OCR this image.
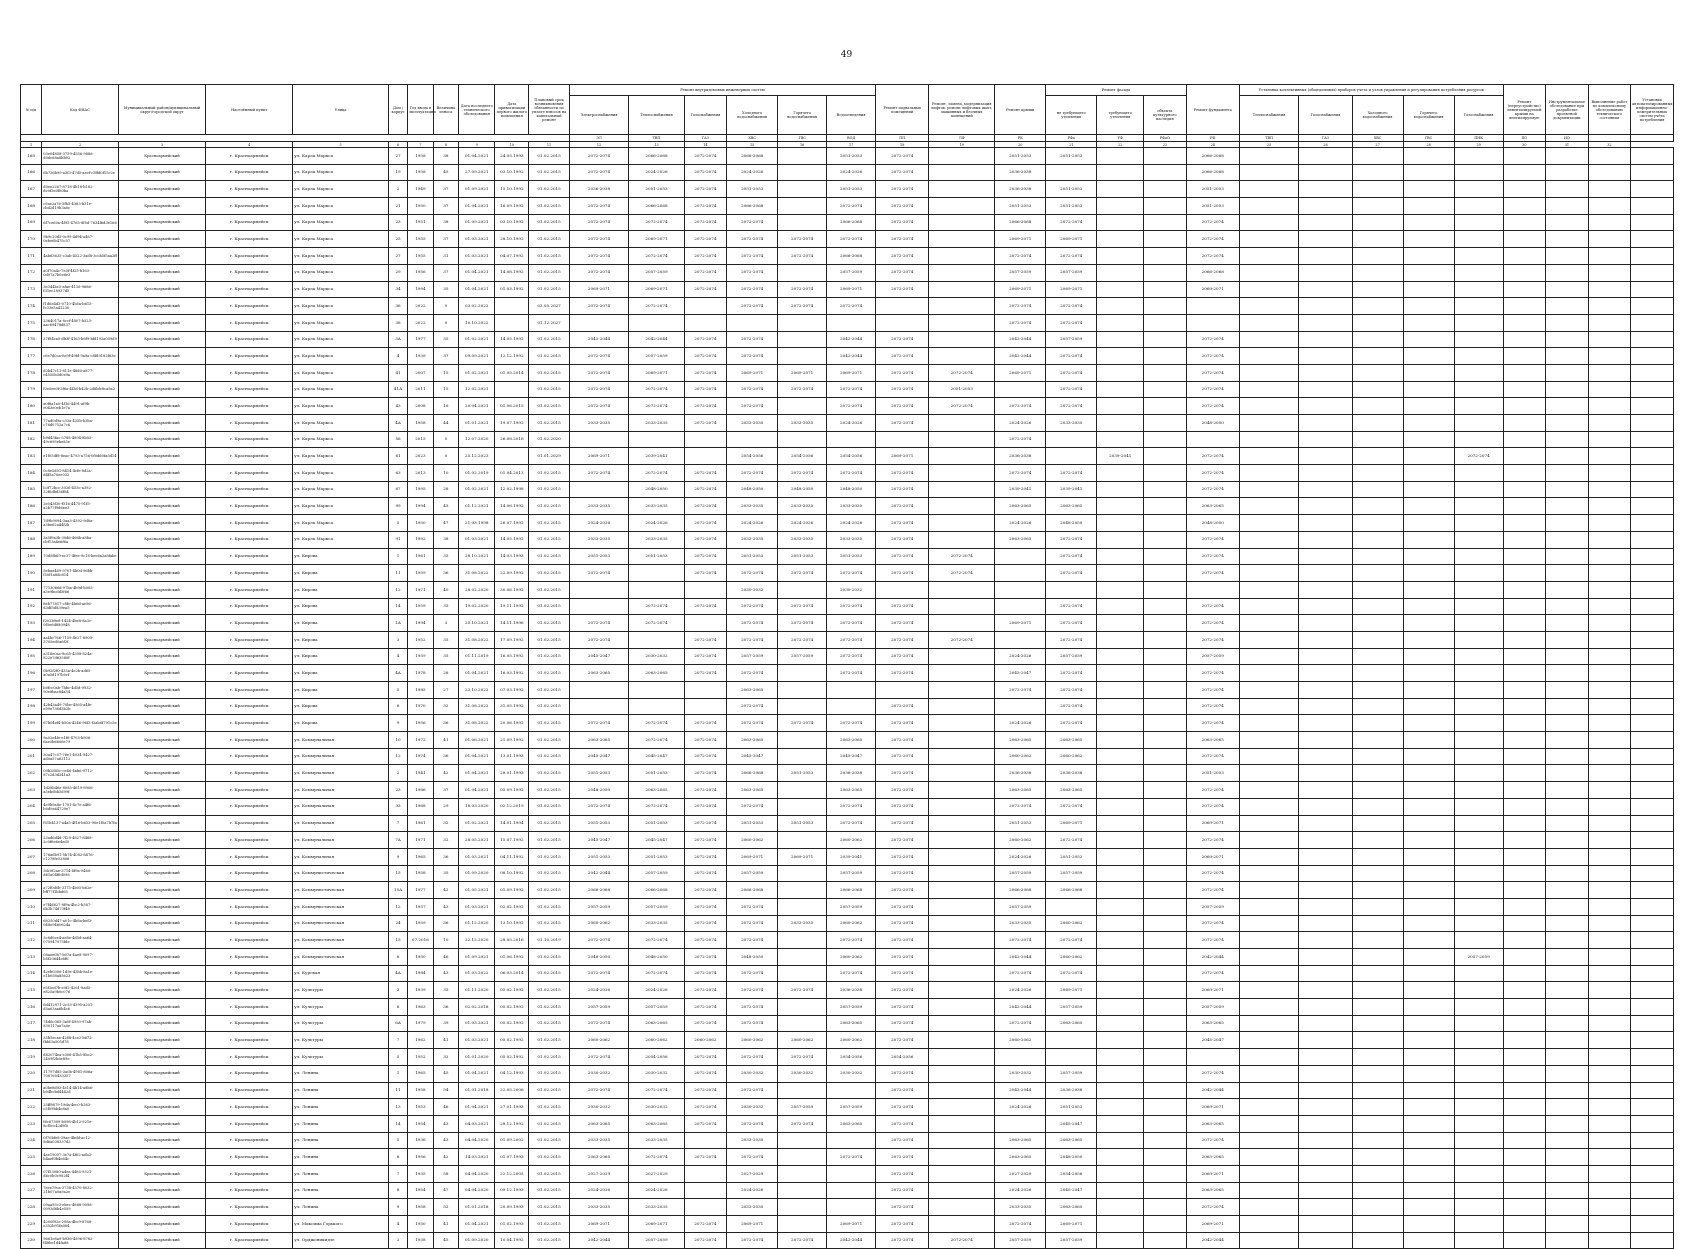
49
№ п/п	Код ФИАС	Муниципальный район/муниципальный округ/городской округ	Населённый пункт	Улица	Дом / корпус	Год ввода в эксплуатацию	Величина износа	Дата последнего технического обследования	Дата приватизации первого жилого помещения	Плановый срок возникновения обязанности по уплате взносов на капитальный ремонт	Ремонт внутридомовых инженерных систем						Ремонт подвальных помещений	Ремонт, замена, модернизация лифтов, ремонт лифтовых шахт, машинных и блочных помещений	Ремонт крыши	Ремонт фасада			Ремонт фундамента	Установка коллективных (общедомовых) приборов учета и узлов управления и регулирования потребления ресурсов					Ремонт (переустройство) невентилируемой крыши на вентилируемую	Инструментальное обследование при разработке проектной документации	Выполнение работ по комплексному обследованию технического состояния	Установка автоматизированных информационно-измерительных систем учёта потребления
											Электроснабжения	Теплоснабжения	Газоснабжения	Холодного водоснабжения	Горячего водоснабжения	Водоотведения				не требующего утепления	требующего утепления	объекта культурного наследия		Теплоснабжения	Газоснабжения	Холодного водоснабжения	Горячего водоснабжения	Газоснабжения				
											ЭЛ	ТВП	ГАЗ	ХВС	ГВС	ВОД	ПП	ЛФ	РК	РФа	УФ	РФаО	РФ	ТВП	ГАЗ	ХВС	ГВС	ПНК	ПО	ИО		
1	2	3	4	5	6	7	8	9	10	11	12	13	14	15	16	17	18	19	20	21	22	23	24	25	26	27	28	29	30	31	32	
165	03e04858-3759-4556-9886-d0dc68a8bb02	Красноармейский	г. Красноармейск	ул. Карла Маркса	27	1958	38	01.04.2021	24.05.1993	01.02.2015	2072-2074	2066-2068	2072-2074	2066-2068		2051-2053	2072-2074		2051-2053	2051-2053			2066-2068									
166	6b736b99-a3f3-47d5-aecf-c5ffd0f15c2e	Красноармейский	г. Красноармейск	ул. Карла Маркса	19	1958	45	27.09.2021	03.10.1992	01.02.2015	2072-2074	2024-2026	2072-2074	2024-2026		2024-2026	2072-2074		2036-2038				2066-2068									
167	d0ee2267-8718-4b18-b182-dc0f3e0f80ba	Красноармейский	г. Красноармейск	ул. Карла Маркса	2	1949	37	01.09.2021	15.10.1992	01.02.2015	2036-2038	2051-2053	2072-2074	2051-2053		2051-2053	2072-2074		2036-2038	2051-2053			2051-2053									
168	c9ae2a76-5fb5-4383-b31e-cbd2d19b3a0c	Красноармейский	г. Красноармейск	ул. Карла Маркса	21	1950	37	01.04.2021	16.09.1992	01.02.2015	2072-2074	2066-2068	2072-2074	2066-2068		2072-2074	2072-2074		2051-2053	2051-2053			2051-2053									
169	6f7ce60a-4f95-4765-8f5d-7634f6d3e166	Красноармейский	г. Красноармейск	ул. Карла Маркса	23	1951	38	01.09.2021	03.10.1992	01.02.2015	2072-2074	2072-2074	2072-2074	2072-2074		2066-2068	2072-2074		2066-2068	2072-2074			2072-2074									
170	9b9c20d5-0c99-4d94-a487-0ebe6b475c57	Красноармейский	г. Красноармейск	ул. Карла Маркса	25	1955	37	01.03.2021	28.10.1992	01.02.2015	2072-2074	2069-2071	2072-2074	2072-2074	2072-2074	2072-2074	2072-2074		2069-2071	2069-2071			2072-2074									
171	4ab63635-c3ab-4522-3ad8-3ccb5f5aa2ff	Красноармейский	г. Красноармейск	ул. Карла Маркса	27	1955	31	01.03.2021	04.07.1992	01.02.2015	2072-2074	2072-2074	2072-2074	2072-2074	2072-2074	2066-2068	2072-2074		2072-2074	2072-2074			2072-2074									
172	a0f70a4c-7e3f-4f25-b163-0d07a7b0e6e3	Красноармейский	г. Красноармейск	ул. Карла Маркса	29	1956	37	01.04.2021	14.08.1992	01.02.2015	2072-2074	2057-2059	2072-2074	2072-2074		2057-2059	2072-2074		2057-2059	2057-2059			2066-2068									
173	3e344bc5-afae-4116-9686-f31ec28937d5	Красноармейский	г. Красноармейск	ул. Карла Маркса	34	1994	35	01.04.2021	01.03.1992	01.02.2015	2069-2071	2069-2071	2072-2074	2072-2074	2072-2074	2069-2071	2072-2074		2069-2071	2069-2071			2069-2071									
174	f1d6e4d3-0710-4b5a-b615-fc33e5a41230	Красноармейский	г. Красноармейск	ул. Карла Маркса	36	2022	0	03.02.2022		03.05.2027	2072-2074	2072-2074		2072-2074	2072-2074	2072-2074			2072-2074	2072-2074												
175	2364017a-8ccf-4807-b523-aac69478d837	Красноармейский	г. Красноармейск	ул. Карла Маркса	38	2022	0	10.10.2022		01.12.2027									2072-2074	2072-2074												
176	37f84ca5-db3f-4163-b6f9-bfd193a059d9	Красноармейский	г. Красноармейск	ул. Карла Маркса	3А	1977	35	01.02.2021	14.05.1992	01.02.2015	2042-2044	2042-2044	2072-2074	2072-2074		2042-2044	2072-2074		2042-2044	2057-2059			2072-2074									
177	c6e7d0ca-0e9f-49fd-9a9a-c8fd9182f63e	Красноармейский	г. Красноармейск	ул. Карла Маркса	4	1939	37	09.09.2021	12.12.1992	01.02.2015	2072-2074	2057-2059	2072-2074	2072-2074		2042-2044	2072-2074		2042-2044	2072-2074			2072-2074									
178	d2b47c11-811e-48d0-a877-c4550b5d0e9a	Красноармейский	г. Красноармейск	ул. Карла Маркса	41	2007	15	01.02.2021	01.05.2014	01.02.2015	2072-2074	2069-2071	2072-2074	2069-2071	2069-2071	2069-2071	2072-2074	2072-2074	2069-2071	2072-2074			2072-2074									
179	f2e0ee0f-2f6a-4f3d-b42b-2d8bfc8ca9a2	Красноармейский	г. Красноармейск	ул. Карла Маркса	41А	2011	15	12.02.2021		01.02.2015	2072-2074	2072-2074	2072-2074	2072-2074	2072-2074	2072-2074	2072-2074	2051-2053		2072-2074			2072-2074									
180	a0f6a1a0-4f16-4491-af9b-e043e0eb1e7a	Красноармейский	г. Красноармейск	ул. Карла Маркса	43	2008	16	20.04.2021	01.06.2015	01.02.2015	2072-2074	2072-2074	2072-2074	2072-2074		2072-2074	2072-2074	2072-2074	2072-2074	2072-2074			2072-2074									
181	77ad0d9a-c33a-435b-b3ba-c76d0752a7c6	Красноармейский	г. Красноармейск	ул. Карла Маркса	4А	1958	44	01.01.2021	19.07.1992	01.02.2015	2033-2035	2033-2035	2072-2074	2033-2035	2033-2035	2024-2026	2072-2074		2024-2026	2033-2035			2048-2050									
182	b9d45fac-5788-4894-8b05-49c695ebe85e	Красноармейский	г. Красноармейск	ул. Карла Маркса	56	2015	5	12.07.2020	26.08.2016	01.02.2020									2072-2074													
183	e1f05df8-8eac-4793-a756-0f0dd0fa5d14	Красноармейский	г. Красноармейск	ул. Карла Маркса	61	2023	0	25.12.2023		01.01.2029	2069-2071	2039-2041		2054-2056	2054-2056	2054-2056	2069-2071		2036-2038		2039-2041		2072-2074					2072-2074				
184	0c8e5d01-8414-4cfe-8d2a-d4f5a70ee032	Красноармейский	г. Красноармейск	ул. Карла Маркса	63	2013	10	01.02.2019	01.04.2013	01.02.2015	2072-2074	2072-2074	2072-2074	2072-2074	2072-2074	2072-2074	2072-2074		2072-2074	2072-2074			2072-2074									
185	b3f72bcc-3026-455c-a392-22f6dbd36f84	Красноармейский	г. Красноармейск	ул. Карла Маркса	67	1995	28	01.02.2021	12.02.1998	01.02.2015		2048-2050	2072-2074	2048-2050	2048-2050	2048-2050	2072-2074		2039-2041	2039-2041			2072-2074									
186	2e043f30-f516-4475-91f5-a2b77f9d6ee3	Красноармейский	г. Красноармейск	ул. Карла Маркса	99	1994	45	01.12.2021	14.06.1992	01.02.2015	2033-2035	2033-2035	2072-2074	2033-2035	2033-2035	2033-2035	2072-2074		2063-2065	2063-2065			2063-2065									
187	7d9b9094-3aa3-4392-9d8a-a3be62a44f2b	Красноармейский	г. Красноармейск	ул. Карла Маркса	5	1950	47	21.03.1998	26.07.1992	01.02.2015	2024-2026	2024-2026	2072-2074	2024-2026	2024-2026	2024-2026	2072-2074		2024-2026	2048-2050			2048-2050									
188	3a5f9a3b-30d6-466b-a8ba-cbf13a4e6f6a	Красноармейский	г. Красноармейск	ул. Карла Маркса	91	1992	38	01.03.2021	14.05.1992	01.02.2015	2033-2035	2033-2035	2072-2074	2033-2035	2033-2035	2033-2035	2072-2074		2063-2065	2072-2074			2072-2074									
189	70d5fb69-ec37-4fee-9c18-bee6a2a8fabe	Красноармейский	г. Красноармейск	ул. Кирова	1	1961	35	28.10.2021	14.03.1993	01.02.2015	2051-2053	2051-2053	2072-2074	2051-2053	2051-2053	2051-2053	2072-2074	2072-2074		2072-2074			2072-2074									
190	5ebae469-9701-4b0d-96bb-f50f1a8dc814	Красноармейский	г. Красноармейск	ул. Кирова	11	1959	36	31.08.2022	22.09.1992	01.02.2015	2072-2074		2072-2074	2072-2074	2072-2074	2072-2074	2072-2074	2072-2074		2072-2074			2072-2074									
191	7713066d-97ba-4b9d-b005-a3e9bcdd5f66	Красноармейский	г. Красноармейск	ул. Кирова	12	1971	40	28.02.2020	30.06.1992	01.02.2015				2030-2032		2030-2032																
192	8eb77817-c8fc-4b6d-ae96-d3df5d839ea5	Красноармейский	г. Красноармейск	ул. Кирова	14	1959	35	19.02.2020	19.11.1992	01.02.2015		2072-2074	2072-2074	2072-2074	2072-2074	2072-2074	2072-2074			2072-2074			2072-2074									
193	f202b9e6-1424-4be8-8a3c-0f5e6d880948	Красноармейский	г. Красноармейск	ул. Кирова	1А	1994	3	25.10.2021	14.11.1996	01.02.2015	2072-2074	2072-2074		2072-2074	2072-2074	2072-2074	2072-2074		2069-2071	2072-2074			2072-2074									
194	aa4bc766-7159-4e27-8909-3705ed0a6f2f	Красноармейский	г. Красноармейск	ул. Кирова	3	1952	35	31.08.2022	17.09.1992	01.02.2015	2072-2074		2072-2074	2072-2074	2072-2074	2072-2074	2072-2074	2072-2074		2072-2074			2072-2074									
195	a316e0ac-9c65-4358-824a-822e7d63580f	Красноармейский	г. Красноармейск	ул. Кирова	4	1959	35	01.11.2019	16.05.1992	01.02.2015	2045-2047	2030-2032	2072-2074	2057-2059	2057-2059	2072-2074	2072-2074		2024-2026	2057-2059			2057-2059									
196	0b92f2f0-435a-4e2b-ad65-a0a5d197b0cf	Красноармейский	г. Красноармейск	ул. Кирова	4А	1978	28	01.04.2021	16.03.1992	01.02.2015	2063-2065	2063-2065	2072-2074	2072-2074		2072-2074	2072-2074		2045-2047	2072-2074			2072-2074									
197	b0fcc0ab-7bbc-4d5d-9932-90e8bac84a34	Красноармейский	г. Красноармейск	ул. Кирова	5	1985	27	23.10.2022	07.03.1992	01.02.2015				2063-2065					2072-2074	2072-2074			2072-2074									
198	42b43a49-70be-4565-a4fe-e99e736d5b2b	Красноармейский	г. Красноармейск	ул. Кирова	6	1970	32	31.08.2022	31.05.1992	01.02.2015				2072-2074			2072-2074			2072-2074			2072-2074									
199	67b04ef4-b50a-4246-96f3-f2ab6f791c5e	Красноармейский	г. Красноармейск	ул. Кирова	9	1956	36	31.08.2022	20.06.1992	01.02.2015	2072-2074	2072-2074	2072-2074	2072-2074	2072-2074	2072-2074	2072-2074		2024-2026	2072-2074			2072-2074									
200	9a02e4fe-e1f6-4705-b906-6ae5b6606e79	Красноармейский	г. Красноармейск	ул. Коммунальная	10	1972	41	01.06.2021	21.09.1992	01.02.2015	2063-2065	2072-2074	2072-2074	2063-2065		2063-2065	2072-2074		2063-2065	2063-2065			2063-2065									
201	30a47c57-76e1-4034-9427-ad0a57a63112	Красноармейский	г. Красноармейск	ул. Коммунальная	12	1974	36	01.04.2021	13.01.1993	01.02.2015	2045-2047	2045-2047	2072-2074	2045-2047		2045-2047	2072-2074		2060-2062	2060-2062			2072-2074									
202	09b2885c-ce46-4ab6-9712-87c2d3d241a3	Красноармейский	г. Красноармейск	ул. Коммунальная	2	1941	42	01.04.2021	28.01.1993	01.02.2015	2051-2053	2051-2053	2072-2074	2066-2068	2051-2053	2036-2038	2072-2074		2036-2038	2036-2038			2051-2053									
203	1d28b46e-8085-4619-8906-a5eb0bb5d99f	Красноармейский	г. Красноармейск	ул. Коммунальная	23	1986	37	01.04.2021	05.09.1992	01.02.2015	2048-2050	2063-2065	2072-2074	2063-2065		2063-2065	2072-2074		2063-2065	2063-2065			2072-2074									
204	4e9b9a8e-1791-4c7e-a4f6-b0d9a64729e7	Красноармейский	г. Красноармейск	ул. Коммунальная	33	1968	29	18.03.2020	02.12.2019	01.02.2015	2072-2074	2072-2074	2072-2074	2072-2074		2072-2074	2072-2074		2072-2074	2072-2074			2072-2074									
205	f01b4137-a4a5-4f16-b653-90e1f0a7b7fa	Красноармейский	г. Красноармейск	ул. Коммунальная	7	1961	32	01.02.2021	14.01.1994	01.02.2015	2051-2053	2051-2053	2072-2074	2051-2053	2051-2053	2072-2074	2072-2074		2051-2053	2069-2071			2069-2071									
206	23ad6d4d-7f29-4827-8468-2c0f6e6e4ed0	Красноармейский	г. Красноармейск	ул. Коммунальная	7А	1971	32	28.05.2021	15.07.1992	01.02.2015	2045-2047	2045-2047	2072-2074	2060-2062		2060-2062	2072-2074		2060-2062	2072-2074			2072-2074									
207	176a6b91-5b74-4082-8476-c1278fe52806	Красноармейский	г. Красноармейск	ул. Коммунальная	9	1965	36	01.03.2021	04.11.1992	01.02.2015	2051-2053	2051-2053	2072-2074	2069-2071	2069-2071	2039-2041	2072-2074		2024-2026	2051-2053			2069-2071									
208	3dc0f2ae-3714-4f9a-9460-d61a04f6d098	Красноармейский	г. Красноармейск	ул. Коммунистическая	15	1958	35	01.09.2020	08.10.1992	01.02.2015	2042-2044	2057-2059	2072-2074	2057-2059		2057-2059	2072-2074		2057-2059	2057-2059			2072-2074									
209	a72f0d0b-3175-4b05-b62e-bff77f1bbd65	Красноармейский	г. Красноармейск	ул. Коммунистическая	15А	1977	42	01.05.2021	01.09.1992	01.02.2015	2066-2068	2066-2068	2072-2074	2066-2068		2066-2068	2072-2074		2066-2068	2066-2068			2072-2074									
210	e7f4d627-8f9a-4bc2-b587-6b3b74d73f48	Красноармейский	г. Красноармейск	ул. Коммунистическая	12	1957	43	01.03.2021	02.02.1992	01.02.2015	2057-2059	2057-2059	2072-2074	2072-2074		2057-2059	2072-2074		2057-2059				2057-2059									
211	68250d47-a01c-4b8a-bef3-048e9460624a	Красноармейский	г. Красноармейск	ул. Коммунистическая	24	1959	36	01.12.2020	13.10.1992	01.02.2015	2060-2062	2033-2035	2072-2074	2072-2074	2033-2035	2060-2062	2072-2074		2033-2035	2060-2062			2072-2074									
212	3c8d0ee4-ae8e-4d5d-aa64-075947075fde	Красноармейский	г. Красноармейск	ул. Коммунистическая	15	07.2016	10	22.12.2020	28.05.2016	01.10.2019	2072-2074	2072-2074	2072-2074	2072-2074		2072-2074	2072-2074		2072-2074	2072-2074			2072-2074									
213	08aee0b7-b07a-4ae8-9097-b5f20644c6f6	Красноармейский	г. Красноармейск	ул. Коммунистическая	8	1950	46	01.09.2021	01.06.1992	01.02.2015	2048-2050	2048-2050	2072-2074	2048-2050		2060-2062	2072-2074		2042-2044	2060-2062			2042-2044					2057-2059				
214	42eb0306-1d9e-43bb-8a1e-e1b058a85623	Красноармейский	г. Красноармейск	ул. Курская	4А	1984	43	01.03.2022	06.03.2014	01.02.2015	2072-2074	2072-2074	2072-2074	2072-2074		2072-2074	2072-2074		2072-2074	2072-2074			2072-2074									
215	e5f2ed7b-e0f2-4261-8ad5-e825a9b0c076	Красноармейский	г. Красноармейск	ул. Культуры	3	1939	35	01.11.2020	05.02.1992	01.02.2015	2024-2026	2024-2026	2072-2074	2072-2074	2072-2074	2036-2038	2072-2074		2024-2026	2069-2071			2069-2071									
216	6d412971-2c93-4395-a201-d5a03aa6b4c6	Красноармейский	г. Красноармейск	ул. Культуры	6	1963	36	02.02.2018	05.02.1992	01.02.2015	2057-2059	2057-2059	2072-2074	2072-2074		2057-2059	2072-2074		2042-2044	2057-2059			2057-2059									
217	74d6c065-3a0f-4993-97ab-830117aa7a0e	Красноармейский	г. Красноармейск	ул. Культуры	6А	1979	39	01.03.2021	05.02.1992	01.02.2015	2072-2074	2063-2065	2072-2074	2072-2074		2063-2065	2072-2074		2072-2074	2063-2065			2063-2065									
218	35b5ecae-4288-4ce2-b672-fbbf3a505d78	Красноармейский	г. Красноармейск	ул. Культуры	7	1962	41	01.03.2021	05.02.1992	01.02.2015	2060-2062	2060-2062	2060-2062	2060-2062	2060-2062	2060-2062	2072-2074		2060-2062				2045-2047									
219	d82074ea-e306-41b5-8bc2-2409f2b6e89e	Красноармейский	г. Красноармейск	ул. Культуры	5	1952	32	01.01.2020	05.02.1992	01.02.2015	2072-2074	2054-2056	2072-2074	2072-2074	2072-2074	2054-2056	2054-2056															
220	11797d85-3a0b-4981-806a-708765433357	Красноармейский	г. Красноармейск	ул. Ленина	1	1965	45	01.04.2021	04.12.1993	01.02.2015	2030-2032	2030-2032	2072-2074	2030-2032	2030-2032	2030-2032	2072-2074		2030-2032	2057-2059			2072-2074									
221	a0be8d93-4c14-4b14-a8b6-b04bcbd4442d	Красноармейский	г. Красноармейск	ул. Ленина	11	1958	54	01.01.2018	22.05.2006	01.02.2015	2072-2074	2072-2074	2072-2074	2072-2074			2072-2074		2042-2044	2036-2038			2042-2044									
222	25ff8879-19da-4ec0-b263-c5f09bb4e8a0	Красноармейский	г. Красноармейск	ул. Ленина	13	1953	46	01.04.2021	27.01.1993	01.02.2015	2030-2032	2030-2032	2072-2074	2030-2032	2057-2059	2057-2059	2072-2074		2024-2026	2051-2053			2069-2071									
223	f6c67509-b098-4b12-921e-8cf5cc42d9f0	Красноармейский	г. Красноармейск	ул. Ленина	14	1954	43	04.03.2021	28.12.1992	01.02.2015	2063-2065	2063-2065	2072-2074	2072-2074	2072-2074	2063-2065	2072-2074			2045-2047			2063-2065									
224	0f70bfe8-39ae-4bdd-ac12-8d6a038337d2	Красноармейский	г. Красноармейск	ул. Ленина	5	1936	43	04.04.2020	01.09.2002	01.02.2015	2033-2035	2033-2035		2033-2035			2072-2074		2063-2065	2063-2065			2072-2074									
225	4ae19097-3e7a-4f62-a6b3-b4aef0b4e64c	Красноармейский	г. Красноармейск	ул. Ленина	6	1956	42	14.03.2021	01.07.1993	01.02.2015	2063-2065	2072-2074	2072-2074	2072-2074		2072-2074	2072-2074		2063-2065	2048-2050			2063-2065									
226	07f53080-a4ea-4485-9321-d6c0b0c902f4	Красноармейский	г. Красноармейск	ул. Ленина	7	1935	58	04.04.2020	22.12.2005	01.02.2015	2027-2029	2027-2029		2027-2029			2072-2074		2027-2029	2054-2056			2069-2071									
227	7eee79ca-3758-4570-8032-21b07a0a9a2e	Красноармейский	г. Красноармейск	ул. Ленина	8	1954	47	04.04.2020	09.12.1993	01.02.2015	2024-2026	2024-2026		2024-2026			2072-2074		2024-2026	2045-2047			2063-2065									
228	09aa93c3-ebec-4868-9098-0093d6b4e559	Красноармейский	г. Красноармейск	ул. Ленина	9	1958	52	01.01.2018	20.09.1993	01.02.2015	2033-2035	2033-2035		2033-2035			2072-2074		2033-2035	2063-2065			2072-2074									
229	4200f92e-208a-4bc9-8768-e352b91fa084	Красноармейский	г. Красноармейск	ул. Максима Горького	4	1950	41	01.04.2021	01.02.1993	01.02.2015	2069-2071	2069-2071	2072-2074	2069-2071		2069-2071	2072-2074		2072-2074	2069-2071			2069-2071									
230	9661e8a9-b936-4596-8782-f48be1d4fa68	Красноармейский	г. Красноармейск	ул. Орджоникидзе	2	1938	45	01.09.2020	10.04.1992	01.02.2015	2042-2044	2057-2059	2072-2074	2072-2074	2072-2074	2042-2044	2072-2074	2072-2074	2057-2059	2057-2059			2042-2044									
